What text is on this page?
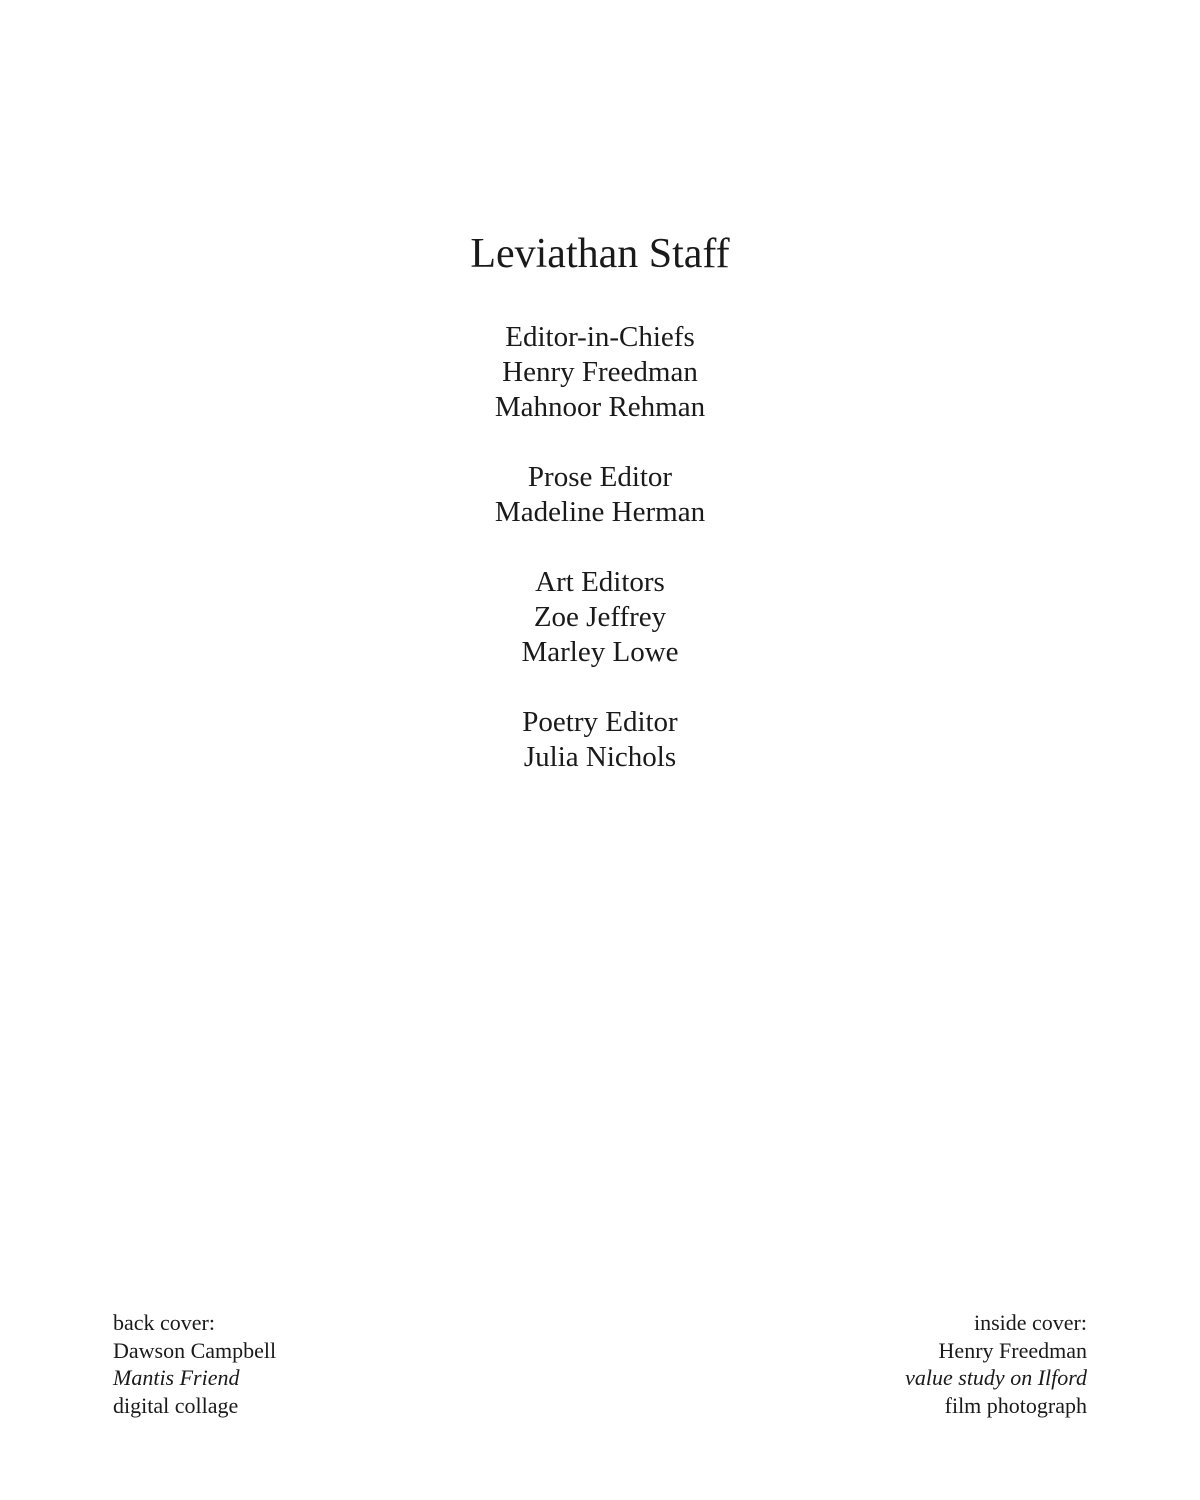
Leviathan Staff
Editor-in-Chiefs
Henry Freedman
Mahnoor Rehman
Prose Editor
Madeline Herman
Art Editors
Zoe Jeffrey
Marley Lowe
Poetry Editor
Julia Nichols
back cover:
Dawson Campbell
Mantis Friend
digital collage
inside cover:
Henry Freedman
value study on Ilford
film photograph
